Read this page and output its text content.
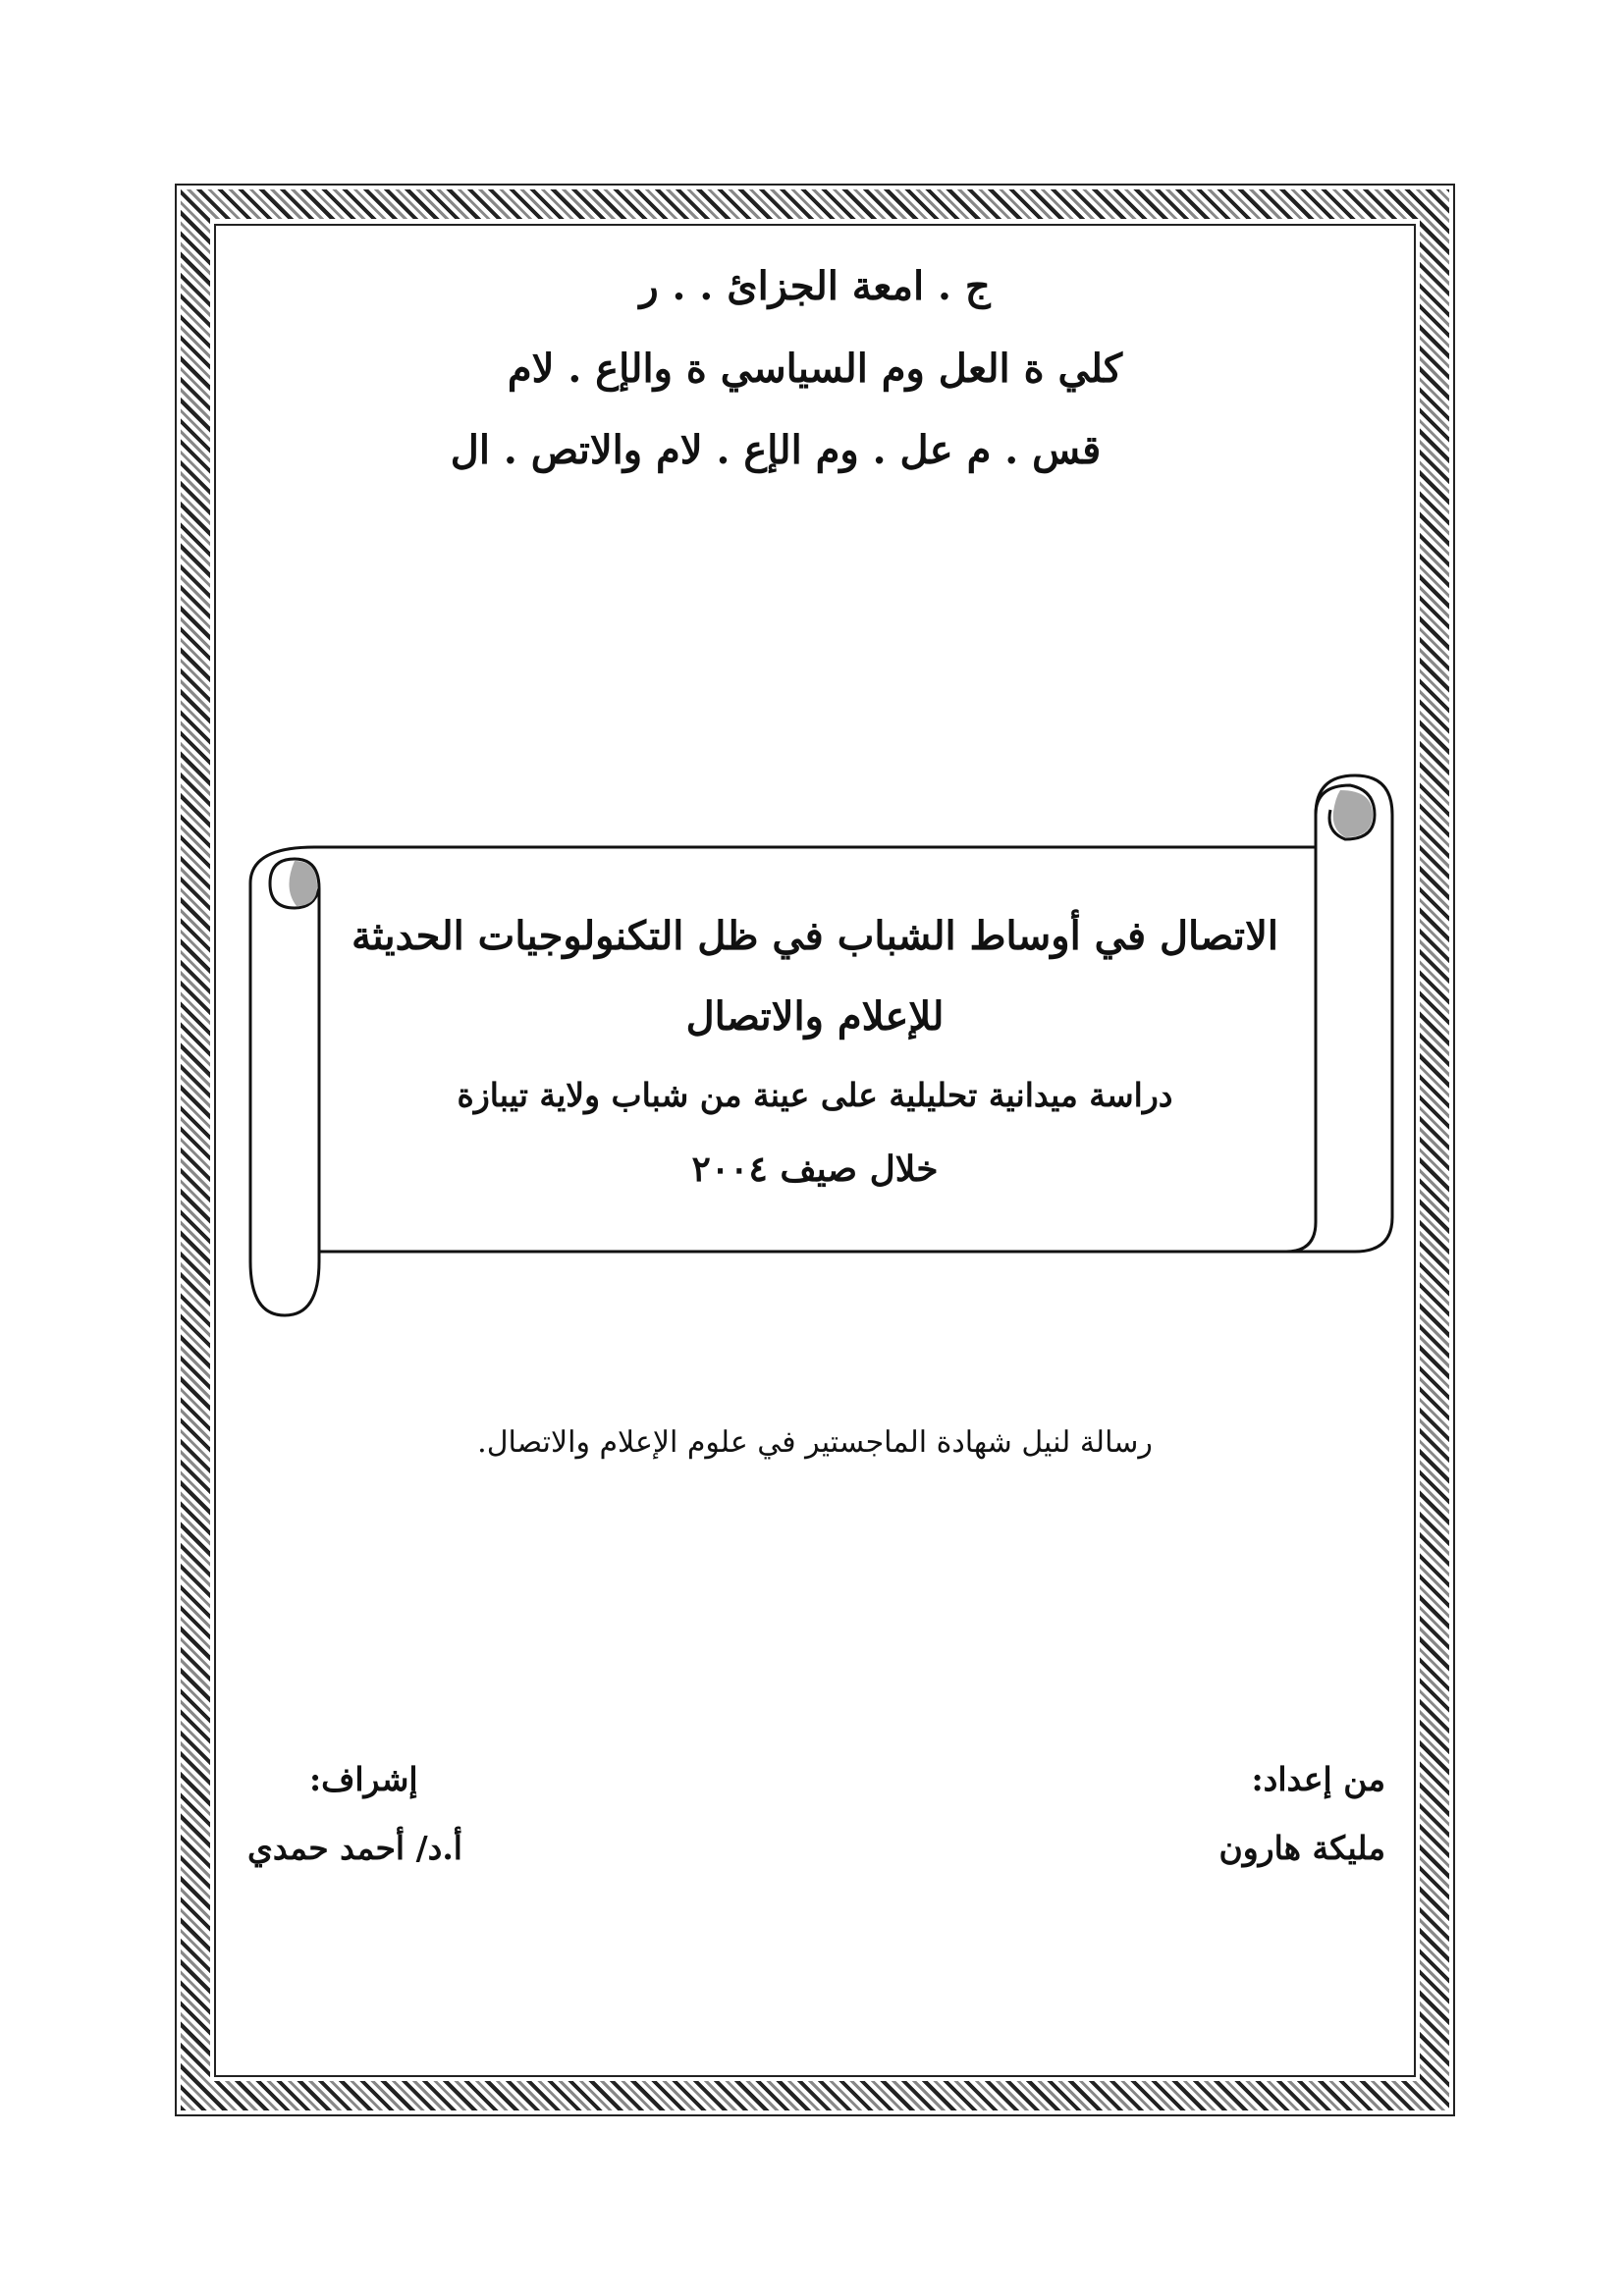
ج . امعة الجزائ . . ر
كلي ة العل وم السياسي ة والإع . لام
قس . م عل . وم الإع . لام والاتص . ال
الاتصال في أوساط الشباب في ظل التكنولوجيات الحديثة
للإعلام والاتصال
دراسة ميدانية تحليلية على عينة من شباب ولاية تيبازة
خلال صيف ٢٠٠٤
رسالة لنيل شهادة الماجستير في علوم الإعلام والاتصال.
من إعداد:
مليكة هارون
إشراف:
أ.د/ أحمد حمدي
